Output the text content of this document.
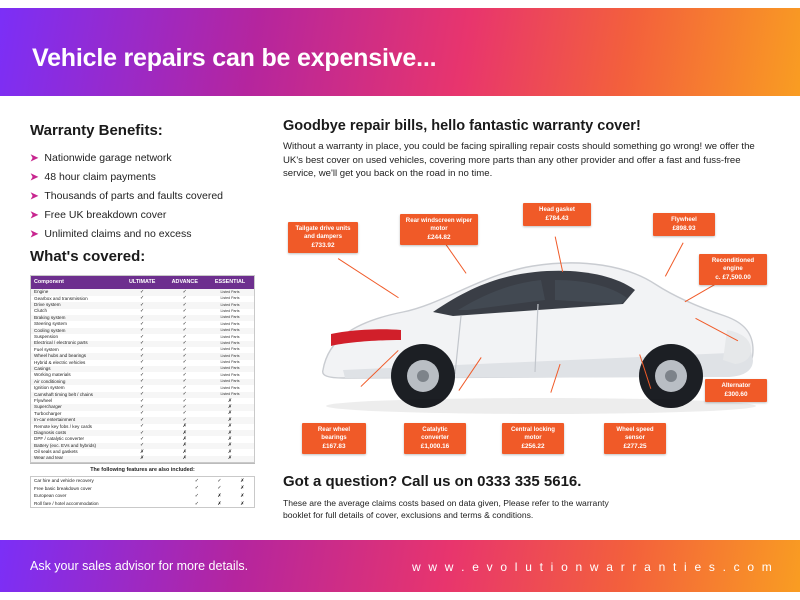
Vehicle repairs can be expensive...
Warranty Benefits:
➤ Nationwide garage network
➤ 48 hour claim payments
➤ Thousands of parts and faults covered
➤ Free UK breakdown cover
➤ Unlimited claims and no excess
What's covered:
Component	ULTIMATE	ADVANCE	ESSENTIAL
Engine	✓	✓	Listed Parts
Gearbox and transmission	✓	✓	Listed Parts
Drive system	✓	✓	Listed Parts
Clutch	✓	✓	Listed Parts
Braking system	✓	✓	Listed Parts
Steering system	✓	✓	Listed Parts
Cooling system	✓	✓	Listed Parts
Suspension	✓	✓	Listed Parts
Electrical / electronic parts	✓	✓	Listed Parts
Fuel system	✓	✓	Listed Parts
Wheel hubs and bearings	✓	✓	Listed Parts
Hybrid & electric vehicles	✓	✓	Listed Parts
Casings	✓	✓	Listed Parts
Working materials	✓	✓	Listed Parts
Air conditioning	✓	✓	Listed Parts
Ignition system	✓	✓	Listed Parts
Camshaft timing belt / chains	✓	✓	Listed Parts
Flywheel	✓	✓	✗
Supercharger	✓	✓	✗
Turbocharger	✓	✓	✗
In-car entertainment	✓	✓	✗
Remote key fobs / key cards	✓	✗	✗
Diagnosis costs	✓	✗	✗
DPF / catalytic converter	✓	✗	✗
Battery (exc. EVs and hybrids)	✓	✗	✗
Oil seals and gaskets	✗	✗	✗
Wear and tear	✗	✗	✗
The following features are also included:
Car hire and vehicle recovery	✓	✓	✗
Free basic breakdown cover	✓	✓	✗
European cover	✓	✗	✗
Roll fare / hotel accommodation	✓	✗	✗
Goodbye repair bills, hello fantastic warranty cover!
Without a warranty in place, you could be facing spiralling repair costs should something go wrong! we offer the UK's best cover on used vehicles, covering more parts than any other provider and offer a fast and fuss-free service, we'll get you back on the road in no time.
Tailgate drive units and dampers
£733.92
Rear windscreen wiper motor
£244.82
Head gasket
£784.43	Flywheel
£898.93
Reconditioned engine
c. £7,500.00
Alternator
£300.60
Rear wheel bearings
£167.83
Catalytic converter
£1,000.16
Central locking motor
£256.22
Wheel speed sensor
£277.25
Got a question? Call us on 0333 335 5616.
These are the average claims costs based on data given, Please refer to the warranty booklet for full details of cover, exclusions and terms & conditions.
Ask your sales advisor for more details.	w w w . e v o l u t i o n w a r r a n t i e s . c o m
